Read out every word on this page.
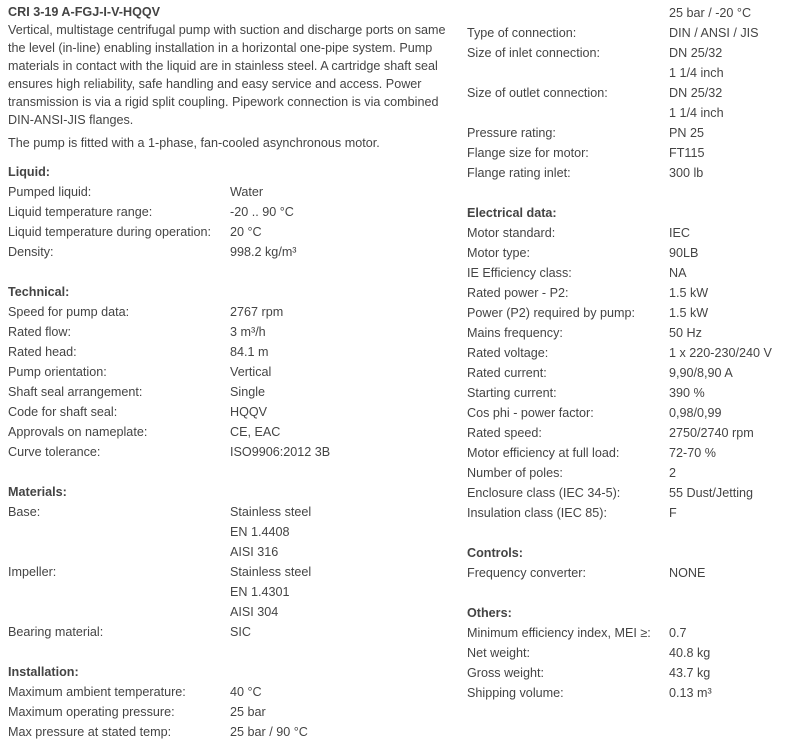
CRI 3-19 A-FGJ-I-V-HQQV

Vertical, multistage centrifugal pump with suction and discharge ports on same the level (in-line) enabling installation in a horizontal one-pipe system. Pump materials in contact with the liquid are in stainless steel. A cartridge shaft seal ensures high reliability, safe handling and easy service and access. Power transmission is via a rigid split coupling. Pipework connection is via combined DIN-ANSI-JIS flanges.

The pump is fitted with a 1-phase, fan-cooled asynchronous motor.

Liquid:
Pumped liquid:	Water
Liquid temperature range:	-20 .. 90 °C
Liquid temperature during operation:	20 °C
Density:	998.2 kg/m³
Technical:
Speed for pump data:	2767 rpm
Rated flow:	3 m³/h
Rated head:	84.1 m
Pump orientation:	Vertical
Shaft seal arrangement:	Single
Code for shaft seal:	HQQV
Approvals on nameplate:	CE, EAC
Curve tolerance:	ISO9906:2012 3B
Materials:
Base:	Stainless steel
EN 1.4408
AISI 316
Impeller:	Stainless steel
EN 1.4301
AISI 304
Bearing material:	SIC
Installation:
Maximum ambient temperature:	40 °C
Maximum operating pressure:	25 bar
Max pressure at stated temp:	25 bar / 90 °C
25 bar / -20 °C
Type of connection:	DIN / ANSI / JIS
Size of inlet connection:	DN 25/32
1 1/4 inch
Size of outlet connection:	DN 25/32
1 1/4 inch
Pressure rating:	PN 25
Flange size for motor:	FT115
Flange rating inlet:	300 lb
Electrical data:
Motor standard:	IEC
Motor type:	90LB
IE Efficiency class:	NA
Rated power - P2:	1.5 kW
Power (P2) required by pump:	1.5 kW
Mains frequency:	50 Hz
Rated voltage:	1 x 220-230/240 V
Rated current:	9,90/8,90 A
Starting current:	390 %
Cos phi - power factor:	0,98/0,99
Rated speed:	2750/2740 rpm
Motor efficiency at full load:	72-70 %
Number of poles:	2
Enclosure class (IEC 34-5):	55 Dust/Jetting
Insulation class (IEC 85):	F
Controls:
Frequency converter:	NONE
Others:
Minimum efficiency index, MEI ≥:	0.7
Net weight:	40.8 kg
Gross weight:	43.7 kg
Shipping volume:	0.13 m³
